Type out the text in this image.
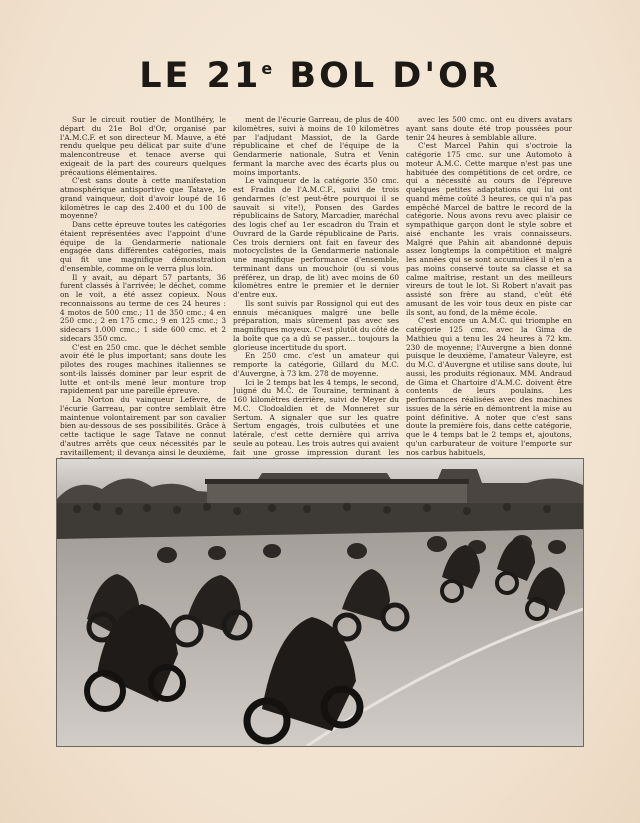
LE 21e BOL D'OR

Sur le circuit routier de Montlhéry, le départ du 21e Bol d'Or, organisé par l'A.M.C.F. et son directeur M. Mauve, a été rendu quelque peu délicat par suite d'une malencontreuse et tenace averse qui exigeait de la part des coureurs quelques précautions élémentaires.

C'est sans doute à cette manifestation atmosphérique antisportive que Tatave, le grand vainqueur, doit d'avoir loupé de 16 kilomètres le cap des 2.400 et du 100 de moyenne?

Dans cette épreuve toutes les catégories étaient représentées avec l'appoint d'une équipe de la Gendarmerie nationale engagée dans différentes catégories, mais qui fit une magnifique démonstration d'ensemble, comme on le verra plus loin.

Il y avait, au départ 57 partants, 36 furent classés à l'arrivée; le déchet, comme on le voit, a été assez copieux. Nous reconnaissons au terme de ces 24 heures : 4 motos de 500 cmc.; 11 de 350 cmc.; 4 en 250 cmc.; 2 en 175 cmc.; 9 en 125 cmc.; 3 sidecars 1.000 cmc.; 1 side 600 cmc. et 2 sidecars 350 cmc.

C'est en 250 cmc. que le déchet semble avoir été le plus important; sans doute les pilotes des rouges machines italiennes se sont-ils laissés dominer par leur esprit de lutte et ont-ils mené leur monture trop rapidement par une pareille épreuve.

La Norton du vainqueur Lefèvre, de l'écurie Garreau, par contre semblait être maintenue volontairement par son cavalier bien au-dessous de ses possibilités. Grâce à cette tactique le sage Tatave ne connut d'autres arrêts que ceux nécessités par le ravitaillement; il devança ainsi le deuxième,

ment de l'écurie Garreau, de plus de 400 kilomètres, suivi à moins de 10 kilomètres par l'adjudant Massiot, de la Garde républicaine et chef de l'équipe de la Gendarmerie nationale, Sutra et Venin fermant la marche avec des écarts plus ou moins importants.

Le vainqueur de la catégorie 350 cmc. est Fradin de l'A.M.C.F., suivi de trois gendarmes (c'est peut-être pourquoi il se sauvait si vite!), Ponsen des Gardes républicains de Satory, Marcadier, maréchal des logis chef au 1er escadron du Train et Ouvrard de la Garde républicaine de Paris. Ces trois derniers ont fait en faveur des motocyclistes de la Gendarmerie nationale une magnifique performance d'ensemble, terminant dans un mouchoir (ou si vous préférez, un drap, de lit) avec moins de 60 kilomètres entre le premier et le dernier d'entre eux.

Ils sont suivis par Rossignol qui eut des ennuis mécaniques malgré une belle préparation, mais sûrement pas avec ses magnifiques moyeux. C'est plutôt du côté de la boîte que ça a dû se passer... toujours la glorieuse incertitude du sport.

En 250 cmc. c'est un amateur qui remporte la catégorie, Gillard du M.C. d'Auvergne, à 73 km. 278 de moyenne.

Ici le 2 temps bat les 4 temps, le second, Juigné du M.C. de Touraine, terminant à 160 kilomètres derrière, suivi de Meyer du M.C. Clodoaldien et de Monneret sur Sertum. A signaler que sur les quatre Sertum engagés, trois culbutées et une latérale, c'est cette dernière qui arriva seule au poteau. Les trois autres qui avaient fait une grosse impression durant les

avec les 500 cmc. ont eu divers avatars ayant sans doute été trop poussées pour tenir 24 heures à semblable allure.

C'est Marcel Pahin qui s'octroie la catégorie 175 cmc. sur une Automoto à moteur A.M.C. Cette marque n'est pas une habituée des compétitions de cet ordre, ce qui a nécessité au cours de l'épreuve quelques petites adaptations qui lui ont quand même coûté 3 heures, ce qui n'a pas empêché Marcel de battre le record de la catégorie. Nous avons revu avec plaisir ce sympathique garçon dont le style sobre et aisé enchante les vrais connaisseurs. Malgré que Pahin ait abandonné depuis assez longtemps la compétition et malgré les années qui se sont accumulées il n'en a pas moins conservé toute sa classe et sa calme maîtrise, restant un des meilleurs vireurs de tout le lot. Si Robert n'avait pas assisté son frère au stand, c'eût été amusant de les voir tous deux en piste car ils sont, au fond, de la même école.

C'est encore un A.M.C. qui triomphe en catégorie 125 cmc. avec la Gima de Mathieu qui a tenu les 24 heures à 72 km. 230 de moyenne; l'Auvergne a bien donné puisque le deuxième, l'amateur Valeyre, est du M.C. d'Auvergne et utilise sans doute, lui aussi, les produits régionaux. MM. Andraud de Gima et Chartoire d'A.M.C. doivent être contents de leurs poulains. Les performances réalisées avec des machines issues de la série en démontrent la mise au point définitive. A noter que c'est sans doute la première fois, dans cette catégorie, que le 4 temps bat le 2 temps et, ajoutons, qu'un carburateur de voiture l'emporte sur nos carbus habituels,
